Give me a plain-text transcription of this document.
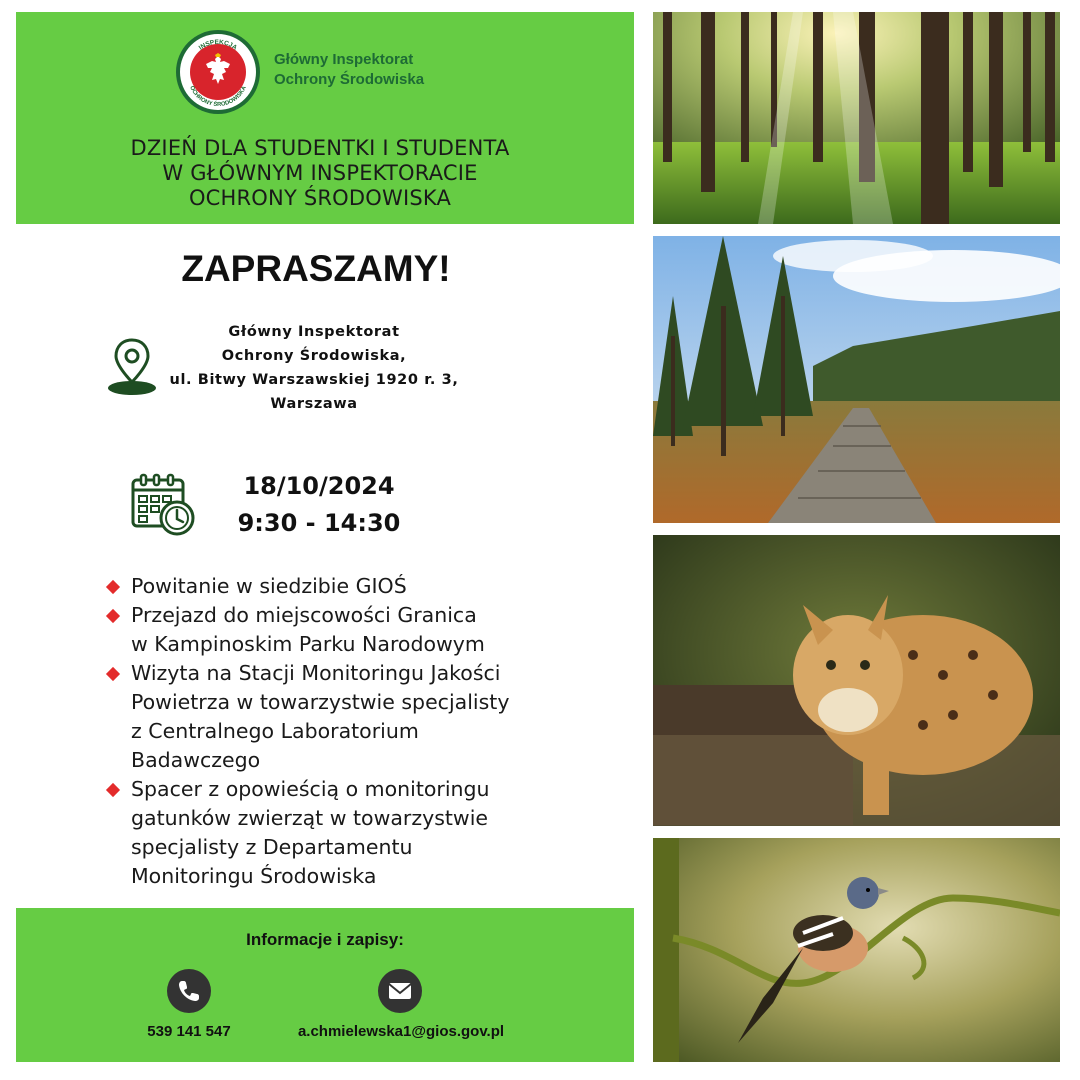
INSPEKCJA
OCHRONY ŚRODOWISKA
Główny Inspektorat
Ochrony Środowiska
DZIEŃ DLA STUDENTKI I STUDENTA
W GŁÓWNYM INSPEKTORACIE
OCHRONY ŚRODOWISKA
ZAPRASZAMY!
Główny Inspektorat
Ochrony Środowiska,
ul. Bitwy Warszawskiej 1920 r. 3,
Warszawa
18/10/2024
9:30 - 14:30
Powitanie w siedzibie GIOŚ
Przejazd do miejscowości Granica
w Kampinoskim Parku Narodowym
Wizyta na Stacji Monitoringu Jakości
Powietrza w towarzystwie specjalisty
z Centralnego Laboratorium
Badawczego
Spacer z opowieścią o monitoringu
gatunków zwierząt w towarzystwie
specjalisty z Departamentu
Monitoringu Środowiska
Informacje i zapisy:
539 141 547	a.chmielewska1@gios.gov.pl
